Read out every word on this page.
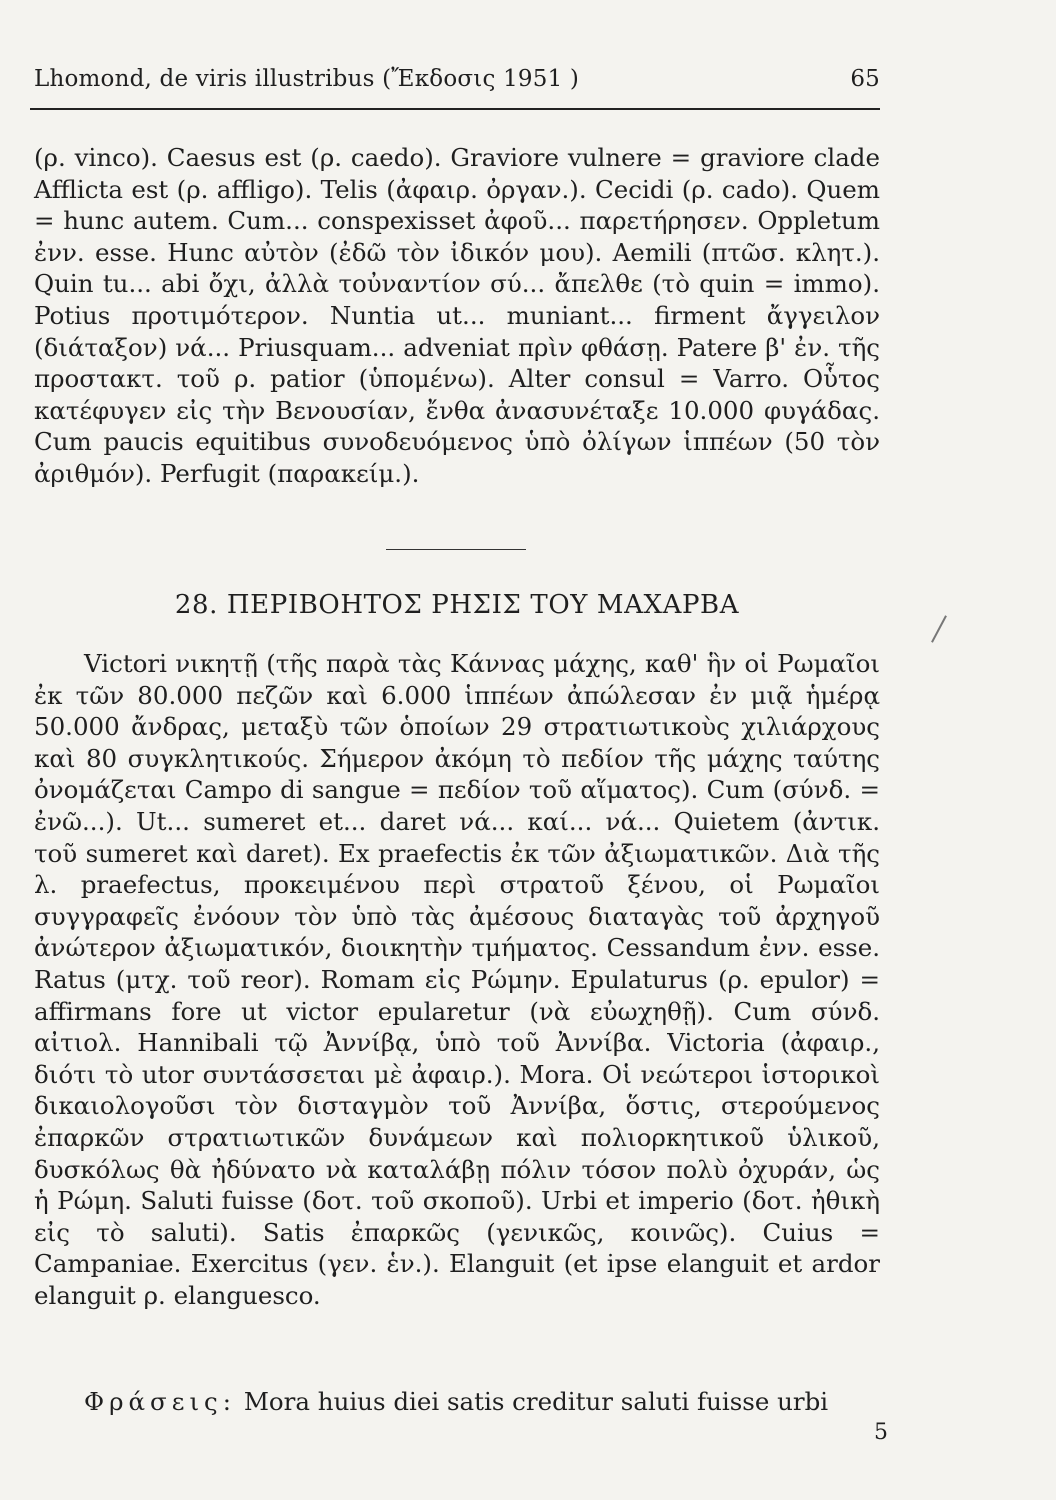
Lhomond, de viris illustribus (Ἔκδοσις 1951 )	65

(ρ. vinco). Caesus est (ρ. caedo). Graviore vulnere = graviore clade Afflicta est (ρ. affligo). Telis (ἀφαιρ. ὀργαν.). Cecidi (ρ. cado). Quem = hunc autem. Cum... conspexisset ἀφοῦ... παρετήρησεν. Oppletum ἐνν. esse. Hunc αὐτὸν (ἐδῶ τὸν ἰδικόν μου). Aemili (πτῶσ. κλητ.). Quin tu... abi ὄχι, ἀλλὰ τοὐναντίον σύ... ἄπελθε (τὸ quin = immo). Potius προτιμότερον. Nuntia ut... muniant... firment ἄγγειλον (διάταξον) νά... Priusquam... adveniat πρὶν φθάσῃ. Patere β' ἐν. τῆς προστακτ. τοῦ ρ. patior (ὑπομένω). Alter consul = Varro. Οὗτος κατέφυγεν εἰς τὴν Βενουσίαν, ἔνθα ἀνασυνέταξε 10.000 φυγάδας. Cum paucis equitibus συνοδευόμενος ὑπὸ ὀλίγων ἱππέων (50 τὸν ἀριθμόν). Perfugit (παρακείμ.).

28. ΠΕΡΙΒΟΗΤΟΣ ΡΗΣΙΣ ΤΟΥ ΜΑΧΑΡΒΑ

Victori νικητῇ (τῆς παρὰ τὰς Κάννας μάχης, καθ' ἣν οἱ Ρωμαῖοι ἐκ τῶν 80.000 πεζῶν καὶ 6.000 ἱππέων ἀπώλεσαν ἐν μιᾷ ἡμέρᾳ 50.000 ἄνδρας, μεταξὺ τῶν ὁποίων 29 στρατιωτικοὺς χιλιάρχους καὶ 80 συγκλητικούς. Σήμερον ἀκόμη τὸ πεδίον τῆς μάχης ταύτης ὀνομάζεται Campo di sangue = πεδίον τοῦ αἵματος). Cum (σύνδ. = ἐνῶ...). Ut... sumeret et... daret νά... καί... νά... Quietem (ἀντικ. τοῦ sumeret καὶ daret). Ex praefectis ἐκ τῶν ἀξιωματικῶν. Διὰ τῆς λ. praefectus, προκειμένου περὶ στρατοῦ ξένου, οἱ Ρωμαῖοι συγγραφεῖς ἐνόουν τὸν ὑπὸ τὰς ἀμέσους διαταγὰς τοῦ ἀρχηγοῦ ἀνώτερον ἀξιωματικόν, διοικητὴν τμήματος. Cessandum ἐνν. esse. Ratus (μτχ. τοῦ reor). Romam εἰς Ρώμην. Epulaturus (ρ. epulor) = affirmans fore ut victor epularetur (νὰ εὐωχηθῇ). Cum σύνδ. αἰτιολ. Hannibali τῷ Ἀννίβᾳ, ὑπὸ τοῦ Ἀννίβα. Victoria (ἀφαιρ., διότι τὸ utor συντάσσεται μὲ ἀφαιρ.). Mora. Οἱ νεώτεροι ἱστορικοὶ δικαιολογοῦσι τὸν δισταγμὸν τοῦ Ἀννίβα, ὅστις, στερούμενος ἐπαρκῶν στρατιωτικῶν δυνάμεων καὶ πολιορκητικοῦ ὑλικοῦ, δυσκόλως θὰ ἠδύνατο νὰ καταλάβῃ πόλιν τόσον πολὺ ὀχυράν, ὡς ἡ Ρώμη. Saluti fuisse (δοτ. τοῦ σκοποῦ). Urbi et imperio (δοτ. ἠθικὴ εἰς τὸ saluti). Satis ἐπαρκῶς (γενικῶς, κοινῶς). Cuius = Campaniae. Exercitus (γεν. ἑν.). Elanguit (et ipse elanguit et ardor elanguit ρ. elanguesco.

Φράσεις: Mora huius diei satis creditur saluti fuisse urbi

5
